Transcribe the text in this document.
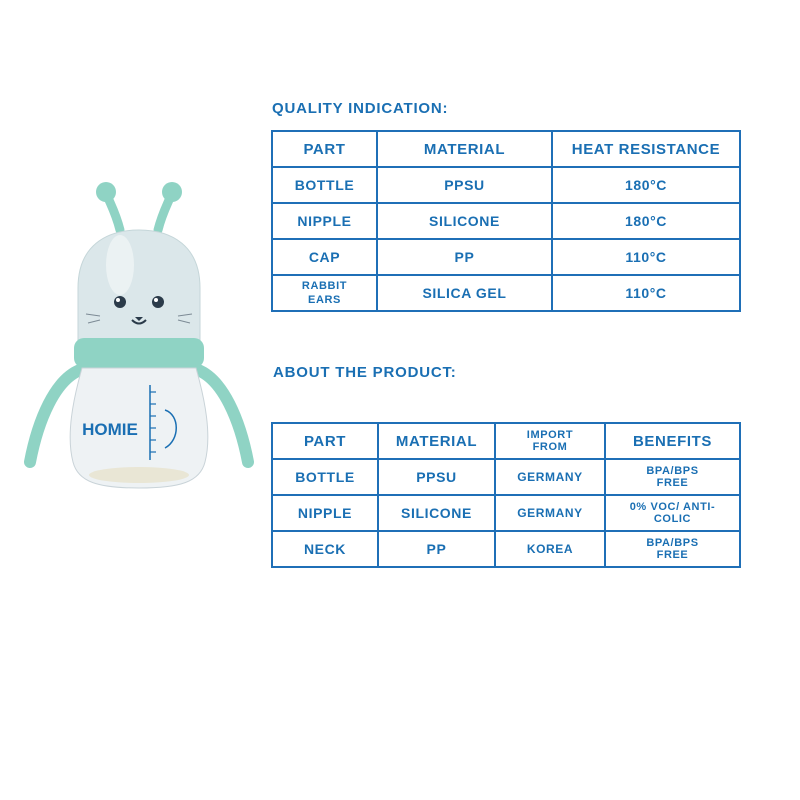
HOMIE
QUALITY INDICATION:
PART	MATERIAL	HEAT RESISTANCE
BOTTLE	PPSU	180°C
NIPPLE	SILICONE	180°C
CAP	PP	110°C
RABBIT EARS	SILICA GEL	110°C
ABOUT THE PRODUCT:
PART	MATERIAL	IMPORT FROM	BENEFITS
BOTTLE	PPSU	GERMANY	BPA/BPS FREE
NIPPLE	SILICONE	GERMANY	0% VOC/ ANTI-COLIC
NECK	PP	KOREA	BPA/BPS FREE
